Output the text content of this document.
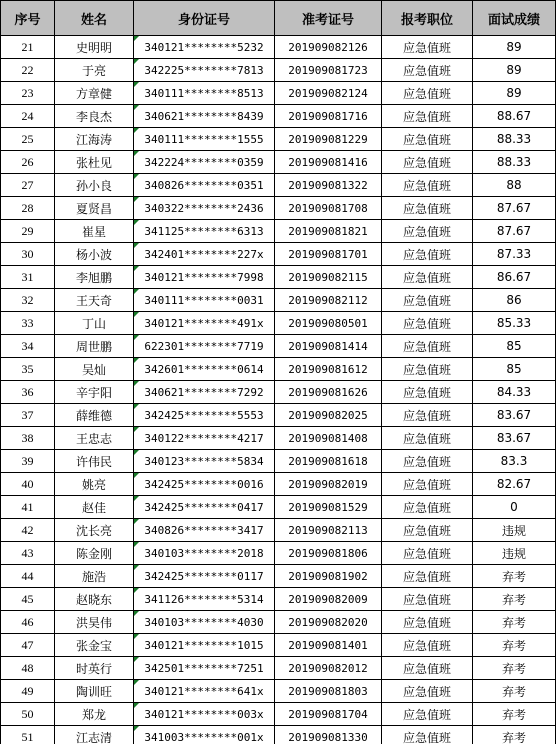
序号	姓名	身份证号	准考证号	报考职位	面试成绩
21	史明明	340121********5232	201909082126	应急值班	89
22	于亮	342225********7813	201909081723	应急值班	89
23	方章健	340111********8513	201909082124	应急值班	89
24	李良杰	340621********8439	201909081716	应急值班	88.67
25	江海涛	340111********1555	201909081229	应急值班	88.33
26	张杜见	342224********0359	201909081416	应急值班	88.33
27	孙小良	340826********0351	201909081322	应急值班	88
28	夏贤昌	340322********2436	201909081708	应急值班	87.67
29	崔星	341125********6313	201909081821	应急值班	87.67
30	杨小波	342401********227x	201909081701	应急值班	87.33
31	李旭鹏	340121********7998	201909082115	应急值班	86.67
32	王天奇	340111********0031	201909082112	应急值班	86
33	丁山	340121********491x	201909080501	应急值班	85.33
34	周世鹏	622301********7719	201909081414	应急值班	85
35	吴灿	342601********0614	201909081612	应急值班	85
36	辛宇阳	340621********7292	201909081626	应急值班	84.33
37	薛维德	342425********5553	201909082025	应急值班	83.67
38	王忠志	340122********4217	201909081408	应急值班	83.67
39	许伟民	340123********5834	201909081618	应急值班	83.3
40	姚亮	342425********0016	201909082019	应急值班	82.67
41	赵佳	342425********0417	201909081529	应急值班	0
42	沈长亮	340826********3417	201909082113	应急值班	违规
43	陈金刚	340103********2018	201909081806	应急值班	违规
44	施浩	342425********0117	201909081902	应急值班	弃考
45	赵晓东	341126********5314	201909082009	应急值班	弃考
46	洪昊伟	340103********4030	201909082020	应急值班	弃考
47	张金宝	340121********1015	201909081401	应急值班	弃考
48	时英行	342501********7251	201909082012	应急值班	弃考
49	陶训旺	340121********641x	201909081803	应急值班	弃考
50	郑龙	340121********003x	201909081704	应急值班	弃考
51	江志清	341003********001x	201909081330	应急值班	弃考
